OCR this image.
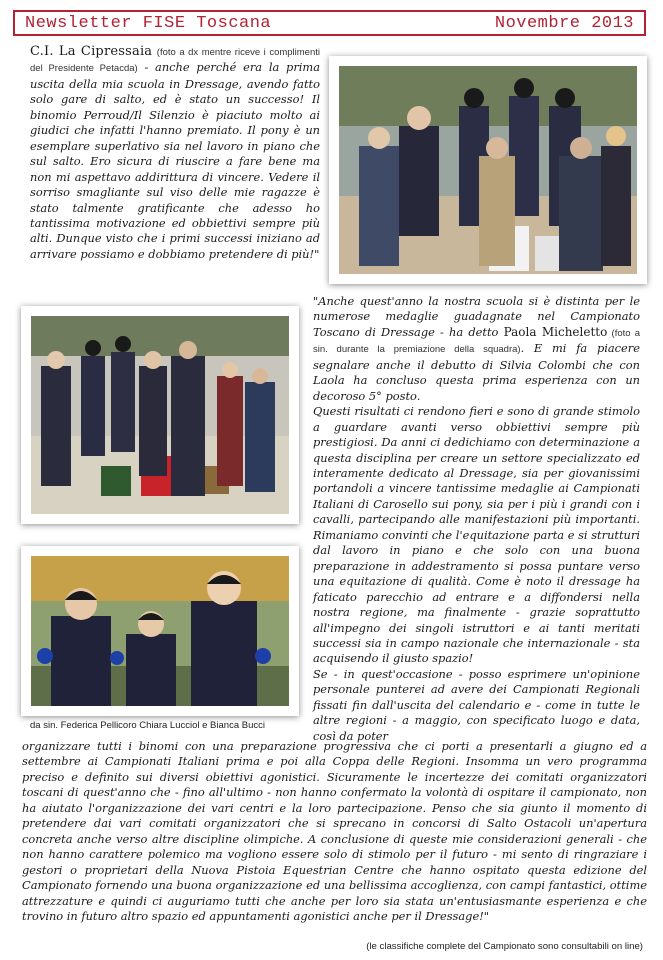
Newsletter FISE Toscana	Novembre 2013
C.I. La Cipressaia (foto a dx mentre riceve i complimenti del Presidente Petacda) - anche perché era la prima uscita della mia scuola in Dressage, avendo fatto solo gare di salto, ed è stato un successo! Il binomio Perroud/Il Silenzio è piaciuto molto ai giudici che infatti l'hanno premiato. Il pony è un esemplare superlativo sia nel lavoro in piano che sul salto. Ero sicura di riuscire a fare bene ma non mi aspettavo addirittura di vincere. Vedere il sorriso smagliante sul viso delle mie ragazze è stato talmente gratificante che adesso ho tantissima motivazione ed obbiettivi sempre più alti. Dunque visto che i primi successi iniziano ad arrivare possiamo e dobbiamo pretendere di più!"
da sin. Federica Pellicoro Chiara Lucciol e Bianca Bucci

"Anche quest'anno la nostra scuola si è distinta per le numerose medaglie guadagnate nel Campionato Toscano di Dressage - ha detto Paola Micheletto (foto a sin. durante la premiazione della squadra). E mi fa piacere segnalare anche il debutto di Silvia Colombi che con Laola ha concluso questa prima esperienza con un decoroso 5° posto.

Questi risultati ci rendono fieri e sono di grande stimolo a guardare avanti verso obbiettivi sempre più prestigiosi. Da anni ci dedichiamo con determinazione a questa disciplina per creare un settore specializzato ed interamente dedicato al Dressage, sia per giovanissimi portandoli a vincere tantissime medaglie ai Campionati Italiani di Carosello sui pony, sia per i più i grandi con i cavalli, partecipando alle manifestazioni più importanti. Rimaniamo convinti che l'equitazione parta e si strutturi dal lavoro in piano e che solo con una buona preparazione in addestramento si possa puntare verso una equitazione di qualità. Come è noto il dressage ha faticato parecchio ad entrare e a diffondersi nella nostra regione, ma finalmente - grazie soprattutto all'impegno dei singoli istruttori e ai tanti meritati successi sia in campo nazionale che internazionale - sta acquisendo il giusto spazio!

Se - in quest'occasione - posso esprimere un'opinione personale punterei ad avere dei Campionati Regionali fissati fin dall'uscita del calendario e - come in tutte le altre regioni - a maggio, con specificato luogo e data, così da poter

organizzare tutti i binomi con una preparazione progressiva che ci porti a presentarli a giugno ed a settembre ai Campionati Italiani prima e poi alla Coppa delle Regioni. Insomma un vero programma preciso e definito sui diversi obiettivi agonistici. Sicuramente le incertezze dei comitati organizzatori toscani di quest'anno che - fino all'ultimo - non hanno confermato la volontà di ospitare il campionato, non ha aiutato l'organizzazione dei vari centri e la loro partecipazione. Penso che sia giunto il momento di pretendere dai vari comitati organizzatori che si sprecano in concorsi di Salto Ostacoli un'apertura concreta anche verso altre discipline olimpiche. A conclusione di queste mie considerazioni generali - che non hanno carattere polemico ma vogliono essere solo di stimolo per il futuro - mi sento di ringraziare i gestori o proprietari della Nuova Pistoia Equestrian Centre che hanno ospitato questa edizione del Campionato fornendo una buona organizzazione ed una bellissima accoglienza, con campi fantastici, ottime attrezzature e quindi ci auguriamo tutti che anche per loro sia stata un'entusiasmante esperienza e che trovino in futuro altro spazio ed appuntamenti agonistici anche per il Dressage!"
(le classifiche complete del Campionato sono consultabili on line)
